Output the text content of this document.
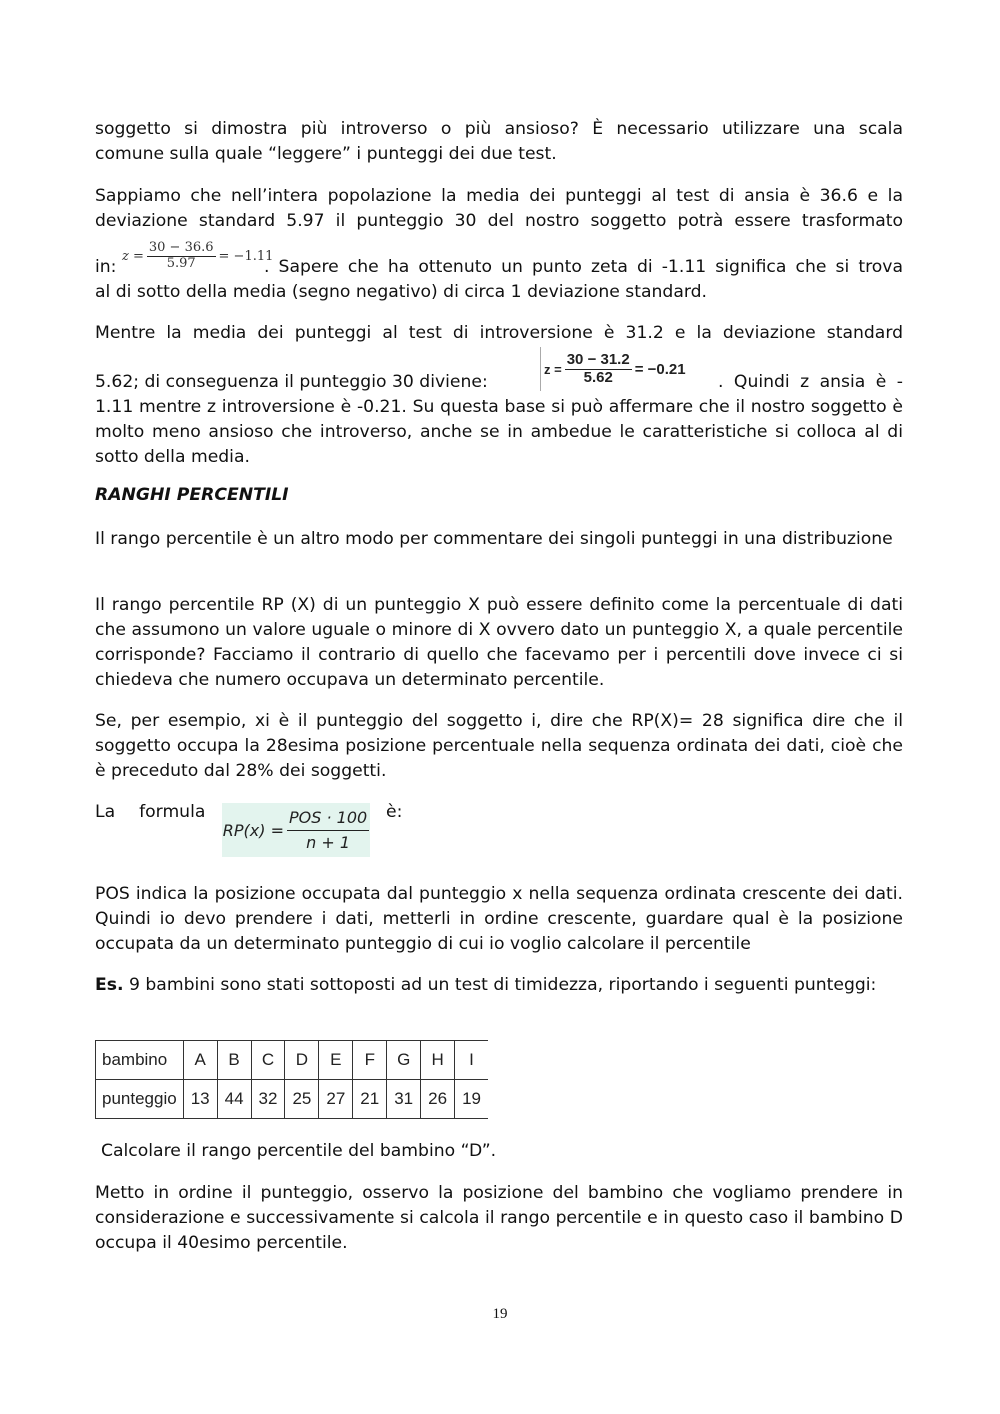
soggetto si dimostra più introverso o più ansioso? È necessario utilizzare una scala

comune sulla quale “leggere” i punteggi dei due test.

Sappiamo che nell’intera popolazione la media dei punteggi al test di ansia è 36.6 e la

deviazione standard 5.97 il punteggio 30 del nostro soggetto potrà essere trasformato

in:
$z = \frac{30 - 36.6}{5.97} = -1.11$
. Sapere che ha ottenuto un punto zeta di -1.11 significa che si trova
al di sotto della media (segno negativo) di circa 1 deviazione standard.

Mentre la media dei punteggi al test di introversione è 31.2 e la deviazione standard

5.62; di conseguenza il punteggio 30 diviene:
$z = \frac{30 - 31.2}{5.62} = -0.21$
. Quindi z ansia è -
1.11 mentre z introversione è -0.21. Su questa base si può affermare che il nostro soggetto è molto meno ansioso che introverso, anche se in ambedue le caratteristiche si colloca al di sotto della media.
RANGHI PERCENTILI
Il rango percentile è un altro modo per commentare dei singoli punteggi in una distribuzione
Il rango percentile RP (X) di un punteggio X può essere definito come la percentuale di dati che assumono un valore uguale o minore di X ovvero dato un punteggio X, a quale percentile corrisponde? Facciamo il contrario di quello che facevamo per i percentili dove invece ci si chiedeva che numero occupava un determinato percentile.
Se, per esempio, xi è il punteggio del soggetto i, dire che RP(X)= 28 significa dire che il soggetto occupa la 28esima posizione percentuale nella sequenza ordinata dei dati, cioè che è preceduto dal 28% dei soggetti.
La formula
$RP(x) = \frac{\text{POS · 100}}{n + 1}$ è:
POS indica la posizione occupata dal punteggio x nella sequenza ordinata crescente dei dati. Quindi io devo prendere i dati, metterli in ordine crescente, guardare qual è la posizione occupata da un determinato punteggio di cui io voglio calcolare il percentile
Es. 9 bambini sono stati sottoposti ad un test di timidezza, riportando i seguenti punteggi:
bambino	A	B	C	D	E	F	G	H	I
punteggio	13	44	32	25	27	21	31	26	19
Calcolare il rango percentile del bambino “D”.
Metto in ordine il punteggio, osservo la posizione del bambino che vogliamo prendere in considerazione e successivamente si calcola il rango percentile e in questo caso il bambino D occupa il 40esimo percentile.
19
